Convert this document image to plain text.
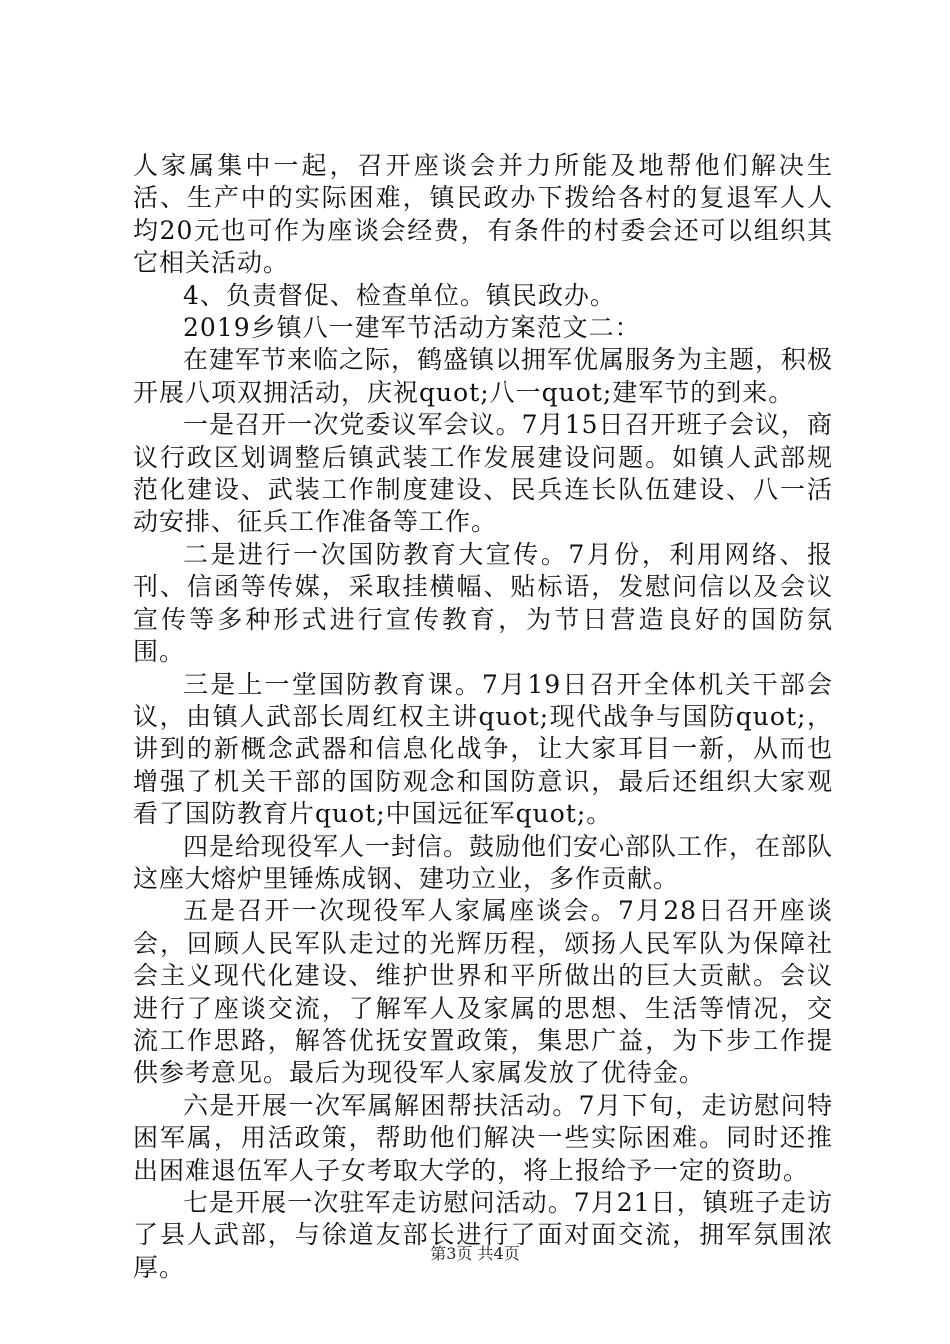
人家属集中一起，召开座谈会并力所能及地帮他们解决生活、生产中的实际困难，镇民政办下拨给各村的复退军人人均20元也可作为座谈会经费，有条件的村委会还可以组织其它相关活动。

4、负责督促、检查单位。镇民政办。

2019乡镇八一建军节活动方案范文二：

在建军节来临之际，鹤盛镇以拥军优属服务为主题，积极开展八项双拥活动，庆祝quot;八一quot;建军节的到来。

一是召开一次党委议军会议。7月15日召开班子会议，商议行政区划调整后镇武装工作发展建设问题。如镇人武部规范化建设、武装工作制度建设、民兵连长队伍建设、八一活动安排、征兵工作准备等工作。

二是进行一次国防教育大宣传。7月份，利用网络、报刊、信函等传媒，采取挂横幅、贴标语，发慰问信以及会议宣传等多种形式进行宣传教育，为节日营造良好的国防氛围。

三是上一堂国防教育课。7月19日召开全体机关干部会议，由镇人武部长周红权主讲quot;现代战争与国防quot;，讲到的新概念武器和信息化战争，让大家耳目一新，从而也增强了机关干部的国防观念和国防意识，最后还组织大家观看了国防教育片quot;中国远征军quot;。

四是给现役军人一封信。鼓励他们安心部队工作，在部队这座大熔炉里锤炼成钢、建功立业，多作贡献。

五是召开一次现役军人家属座谈会。7月28日召开座谈会，回顾人民军队走过的光辉历程，颂扬人民军队为保障社会主义现代化建设、维护世界和平所做出的巨大贡献。会议进行了座谈交流，了解军人及家属的思想、生活等情况，交流工作思路，解答优抚安置政策，集思广益，为下步工作提供参考意见。最后为现役军人家属发放了优待金。

六是开展一次军属解困帮扶活动。7月下旬，走访慰问特困军属，用活政策，帮助他们解决一些实际困难。同时还推出困难退伍军人子女考取大学的，将上报给予一定的资助。

七是开展一次驻军走访慰问活动。7月21日，镇班子走访了县人武部，与徐道友部长进行了面对面交流，拥军氛围浓厚。	第3页 共4页
